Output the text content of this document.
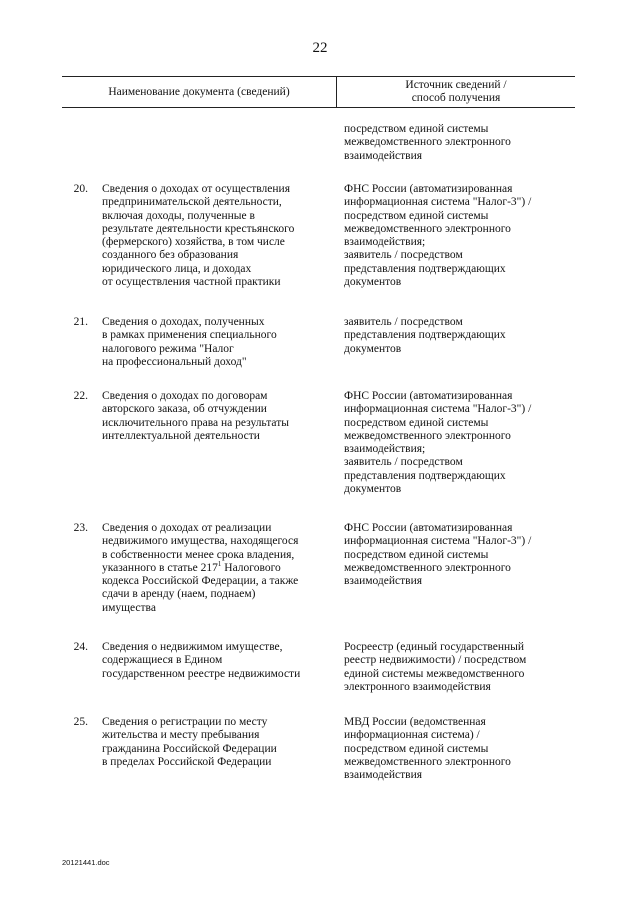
22
Наименование документа (сведений)
Источник сведений /
способ получения
посредством единой системы
межведомственного электронного
взаимодействия
20. Сведения о доходах от осуществления
предпринимательской деятельности,
включая доходы, полученные в
результате деятельности крестьянского
(фермерского) хозяйства, в том числе
созданного без образования
юридического лица, и доходах
от осуществления частной практики
ФНС России (автоматизированная
информационная система "Налог-3") /
посредством единой системы
межведомственного электронного
взаимодействия;
заявитель / посредством
представления подтверждающих
документов
21. Сведения о доходах, полученных
в рамках применения специального
налогового режима "Налог
на профессиональный доход"
заявитель / посредством
представления подтверждающих
документов
22. Сведения о доходах по договорам
авторского заказа, об отчуждении
исключительного права на результаты
интеллектуальной деятельности
ФНС России (автоматизированная
информационная система "Налог-3") /
посредством единой системы
межведомственного электронного
взаимодействия;
заявитель / посредством
представления подтверждающих
документов
23. Сведения о доходах от реализации
недвижимого имущества, находящегося
в собственности менее срока владения,
указанного в статье $217^1$ Налогового
кодекса Российской Федерации, а также
сдачи в аренду (наем, поднаем)
имущества
ФНС России (автоматизированная
информационная система "Налог-3") /
посредством единой системы
межведомственного электронного
взаимодействия
24. Сведения о недвижимом имуществе,
содержащиеся в Едином
государственном реестре недвижимости
Росреестр (единый государственный
реестр недвижимости) / посредством
единой системы межведомственного
электронного взаимодействия
25. Сведения о регистрации по месту
жительства и месту пребывания
гражданина Российской Федерации
в пределах Российской Федерации
МВД России (ведомственная
информационная система) /
посредством единой системы
межведомственного электронного
взаимодействия
20121441.doc
